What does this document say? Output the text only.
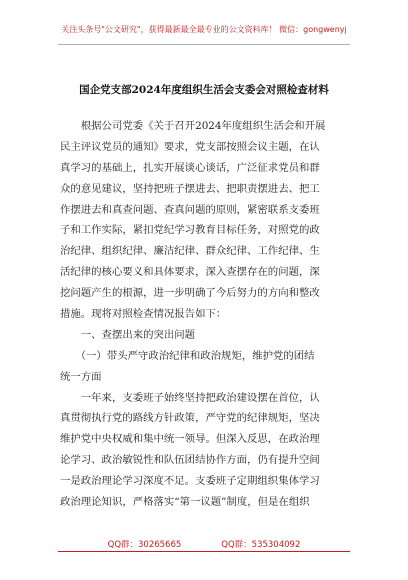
关注头条号"公文研究"，获得最新最全最专业的公文资料库！ 微信：gongwenyj
国企党支部2024年度组织生活会支委会对照检查材料
　　根据公司党委《关于召开2024年度组织生活会和开展
民主评议党员的通知》要求，党支部按照会议主题，在认
真学习的基础上，扎实开展谈心谈话，广泛征求党员和群
众的意见建议，坚持把班子摆进去、把职责摆进去、把工
作摆进去和真查问题、查真问题的原则，紧密联系支委班
子和工作实际，紧扣党纪学习教育目标任务，对照党的政
治纪律、组织纪律、廉洁纪律、群众纪律、工作纪律、生
活纪律的核心要义和具体要求，深入查摆存在的问题，深
挖问题产生的根源，进一步明确了今后努力的方向和整改
措施。现将对照检查情况报告如下：
　　一、查摆出来的突出问题
　　（一）带头严守政治纪律和政治规矩，维护党的团结
统一方面
　　一年来，支委班子始终坚持把政治建设摆在首位，认
真贯彻执行党的路线方针政策，严守党的纪律规矩，坚决
维护党中央权威和集中统一领导。但深入反思，在政治理
论学习、政治敏锐性和队伍团结协作方面，仍有提升空间
一是政治理论学习深度不足。支委班子定期组织集体学习
政治理论知识，严格落实“第一议题”制度，但是在组织
QQ群：30265665	QQ群：535304092
